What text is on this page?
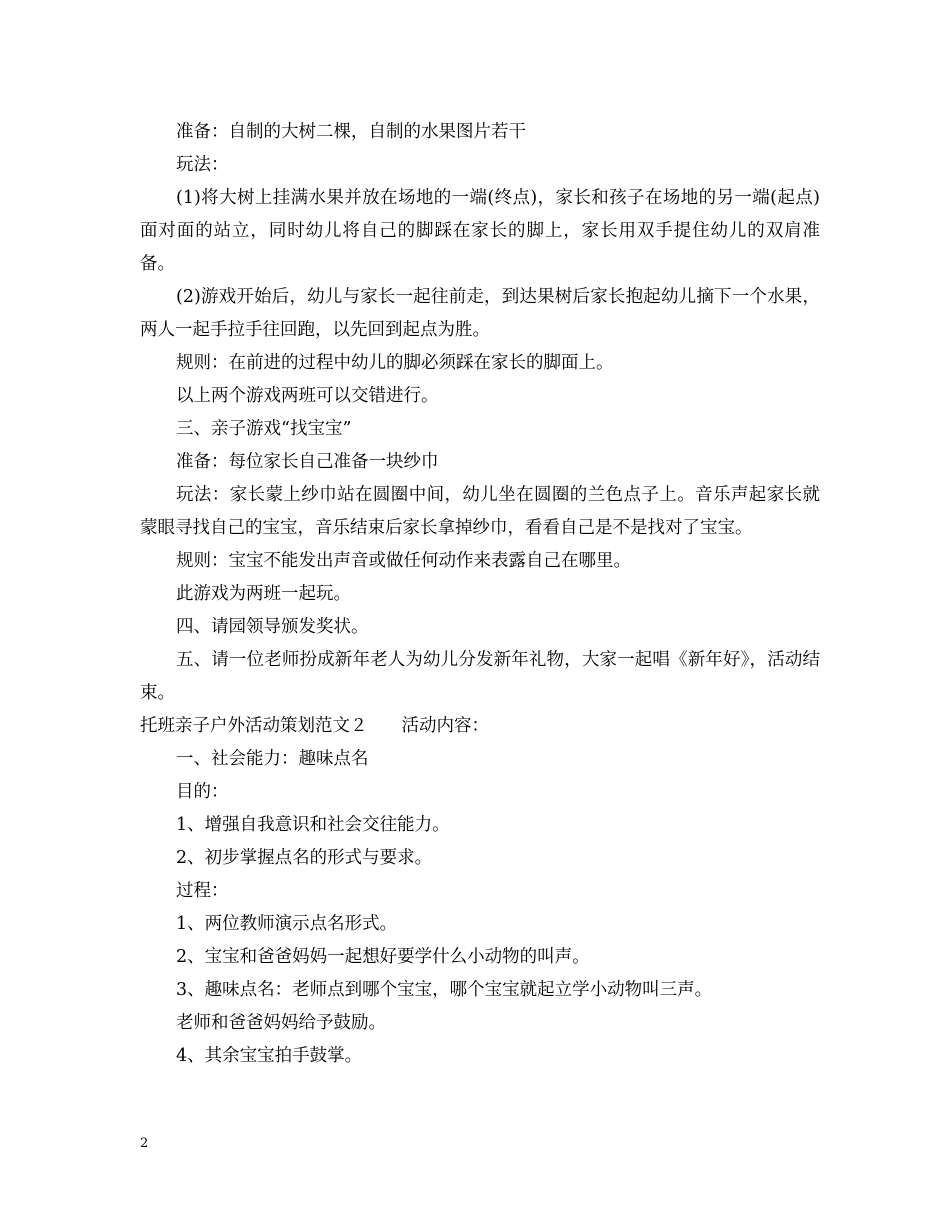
准备：自制的大树二棵，自制的水果图片若干

玩法：

(1)将大树上挂满水果并放在场地的一端(终点)，家长和孩子在场地的另一端(起点)面对面的站立，同时幼儿将自己的脚踩在家长的脚上，家长用双手提住幼儿的双肩准备。

(2)游戏开始后，幼儿与家长一起往前走，到达果树后家长抱起幼儿摘下一个水果，两人一起手拉手往回跑，以先回到起点为胜。

规则：在前进的过程中幼儿的脚必须踩在家长的脚面上。

以上两个游戏两班可以交错进行。

三、亲子游戏“找宝宝”

准备：每位家长自己准备一块纱巾

玩法：家长蒙上纱巾站在圆圈中间，幼儿坐在圆圈的兰色点子上。音乐声起家长就蒙眼寻找自己的宝宝，音乐结束后家长拿掉纱巾，看看自己是不是找对了宝宝。

规则：宝宝不能发出声音或做任何动作来表露自己在哪里。

此游戏为两班一起玩。

四、请园领导颁发奖状。

五、请一位老师扮成新年老人为幼儿分发新年礼物，大家一起唱《新年好》，活动结束。

托班亲子户外活动策划范文２ 活动内容：

一、社会能力：趣味点名

目的：

1、增强自我意识和社会交往能力。

2、初步掌握点名的形式与要求。

过程：

1、两位教师演示点名形式。

2、宝宝和爸爸妈妈一起想好要学什么小动物的叫声。

3、趣味点名：老师点到哪个宝宝，哪个宝宝就起立学小动物叫三声。

老师和爸爸妈妈给予鼓励。

4、其余宝宝拍手鼓掌。

2
